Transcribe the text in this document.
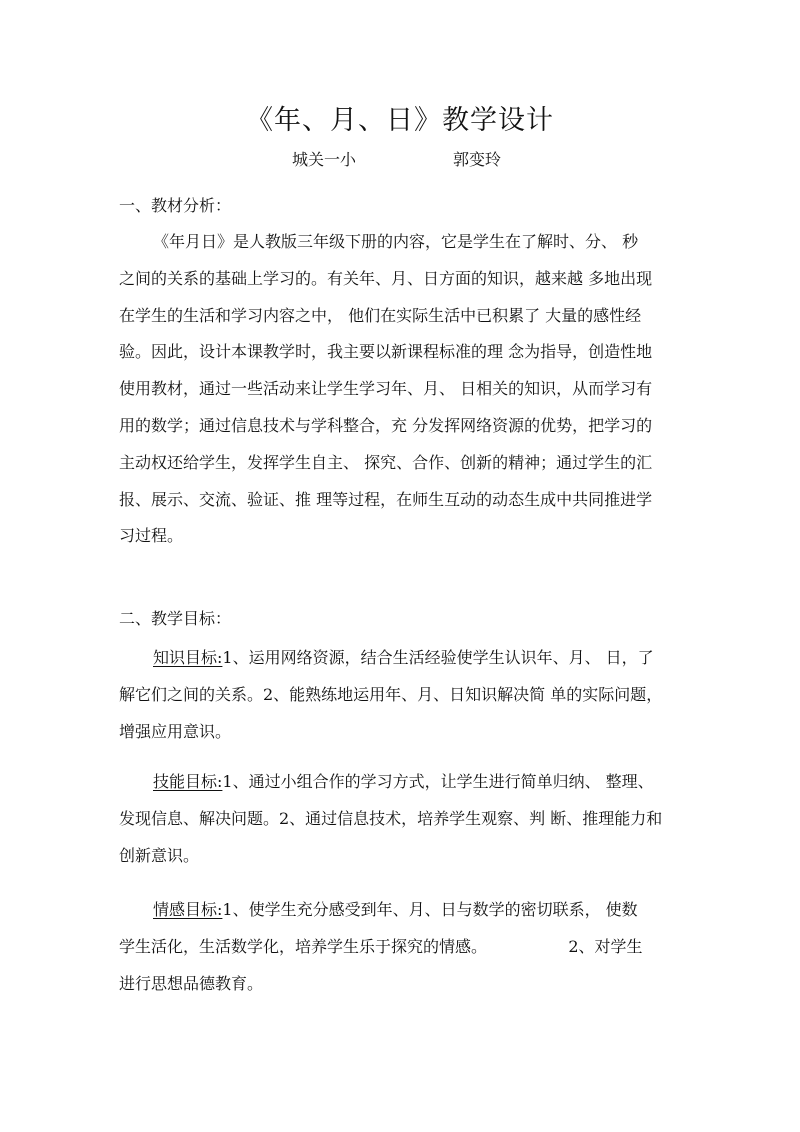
《年、月、日》教学设计
城关一小	郭变玲
一、教材分析：
《年月日》是人教版三年级下册的内容，它是学生在了解时、分、 秒
之间的关系的基础上学习的。有关年、月、日方面的知识，越来越 多地出现
在学生的生活和学习内容之中， 他们在实际生活中已积累了 大量的感性经
验。因此，设计本课教学时，我主要以新课程标准的理 念为指导，创造性地
使用教材，通过一些活动来让学生学习年、月、 日相关的知识，从而学习有
用的数学；通过信息技术与学科整合，充 分发挥网络资源的优势，把学习的
主动权还给学生，发挥学生自主、 探究、合作、创新的精神；通过学生的汇
报、展示、交流、验证、推 理等过程，在师生互动的动态生成中共同推进学
习过程。
二、教学目标：
知识目标:1、运用网络资源，结合生活经验使学生认识年、月、 日，了
解它们之间的关系。2、能熟练地运用年、月、日知识解决简 单的实际问题，
增强应用意识。
技能目标:1、通过小组合作的学习方式，让学生进行简单归纳、 整理、
发现信息、解决问题。2、通过信息技术，培养学生观察、判 断、推理能力和
创新意识。
情感目标:1、使学生充分感受到年、月、日与数学的密切联系， 使数
学生活化，生活数学化，培养学生乐于探究的情感。                2、对学生
进行思想品德教育。
